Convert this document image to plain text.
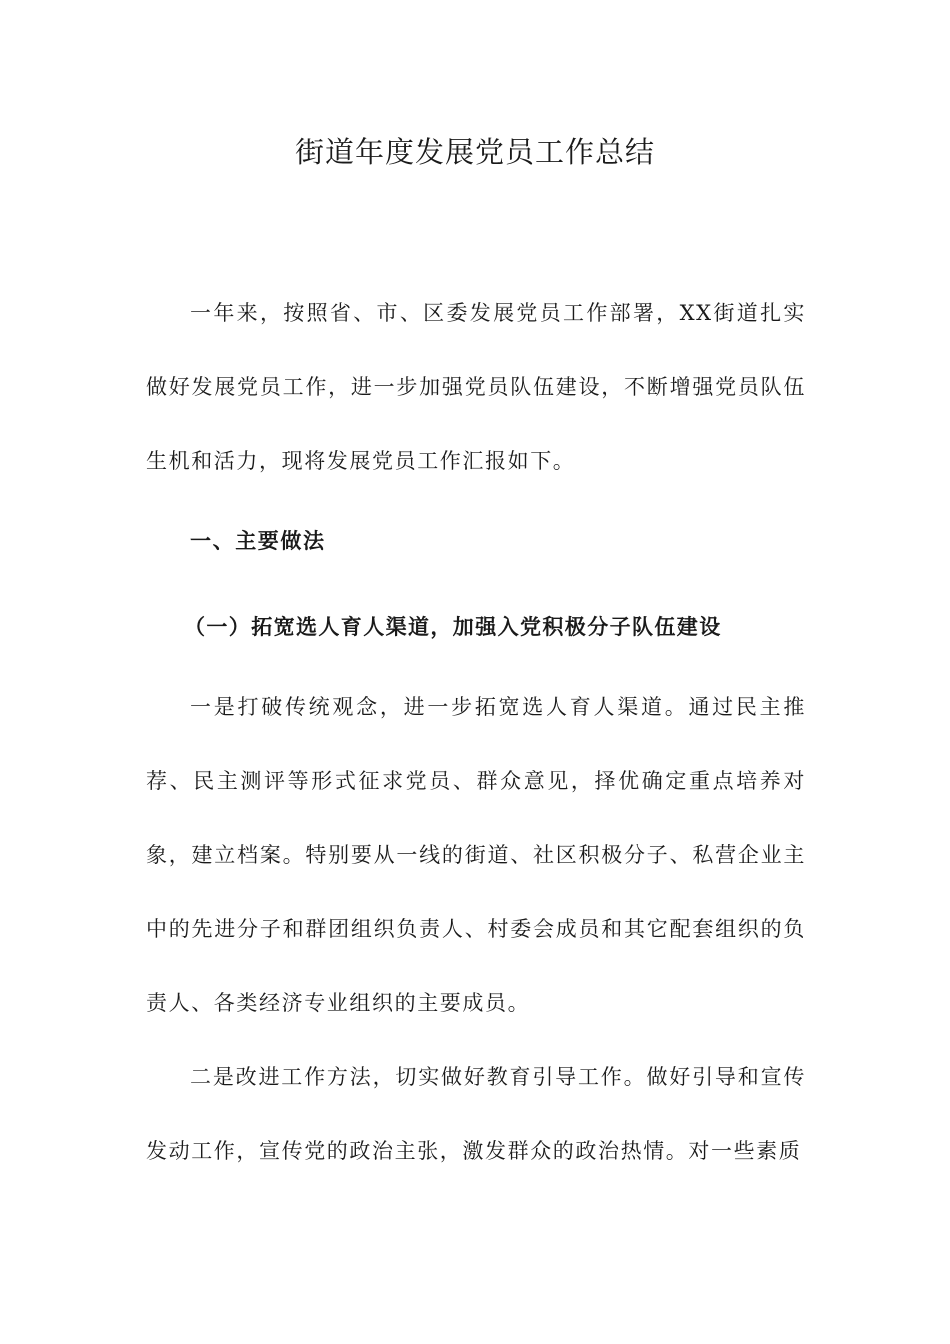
街道年度发展党员工作总结

一年来，按照省、市、区委发展党员工作部署，XX街道扎实做好发展党员工作，进一步加强党员队伍建设，不断增强党员队伍生机和活力，现将发展党员工作汇报如下。

一、主要做法

（一）拓宽选人育人渠道，加强入党积极分子队伍建设

一是打破传统观念，进一步拓宽选人育人渠道。通过民主推荐、民主测评等形式征求党员、群众意见，择优确定重点培养对象，建立档案。特别要从一线的街道、社区积极分子、私营企业主中的先进分子和群团组织负责人、村委会成员和其它配套组织的负责人、各类经济专业组织的主要成员。

二是改进工作方法，切实做好教育引导工作。做好引导和宣传发动工作，宣传党的政治主张，激发群众的政治热情。对一些素质
